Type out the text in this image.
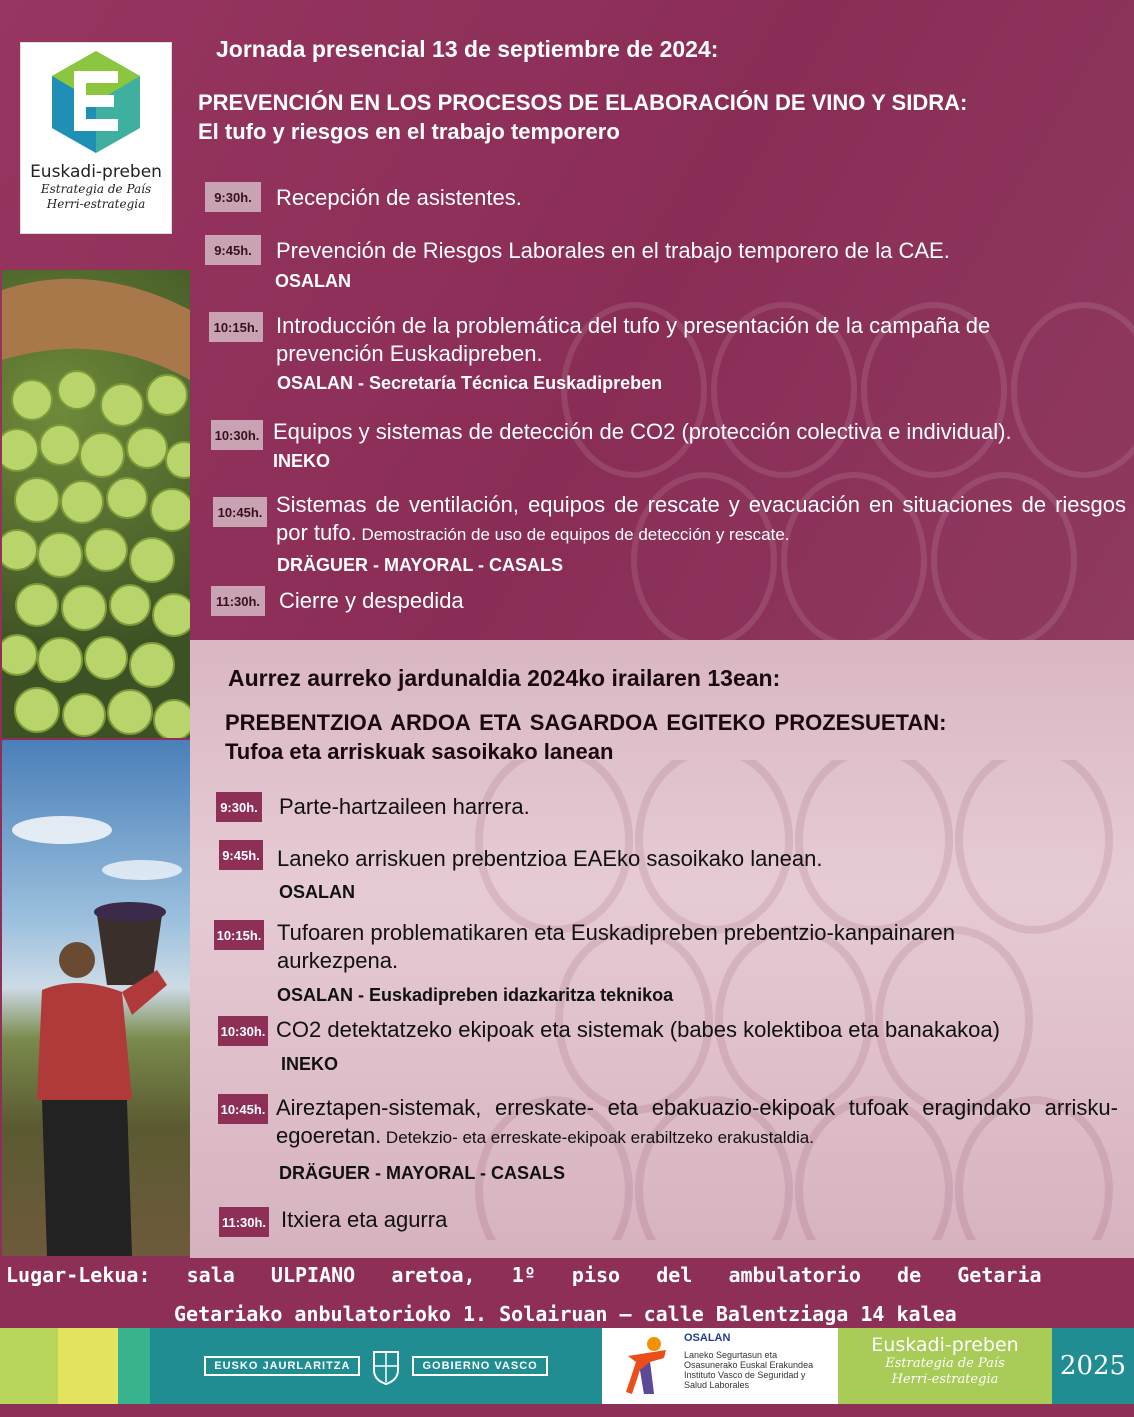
Euskadi-preben
Estrategia de País
Herri-estrategia
Jornada presencial 13 de septiembre de 2024:
PREVENCIÓN EN LOS PROCESOS DE ELABORACIÓN DE VINO Y SIDRA:
El tufo y riesgos en el trabajo temporero
9:30h.	Recepción de asistentes.
9:45h.	Prevención de Riesgos Laborales en el trabajo temporero de la CAE.
OSALAN
10:15h. Introducción de la problemática del tufo y presentación de la campaña de prevención Euskadipreben.
OSALAN - Secretaría Técnica Euskadipreben
10:30h. Equipos y sistemas de detección de CO2 (protección colectiva e individual).
INEKO
10:45h. Sistemas de ventilación, equipos de rescate y evacuación en situaciones de riesgos por tufo. Demostración de uso de equipos de detección y rescate.
DRÄGUER - MAYORAL - CASALS
11:30h. Cierre y despedida
Aurrez aurreko jardunaldia 2024ko irailaren 13ean:
PREBENTZIOA ARDOA ETA SAGARDOA EGITEKO PROZESUETAN:
Tufoa eta arriskuak sasoikako lanean
9:30h. Parte-hartzaileen harrera.
9:45h. Laneko arriskuen prebentzioa EAEko sasoikako lanean.
OSALAN
10:15h. Tufoaren problematikaren eta Euskadipreben prebentzio-kanpainaren aurkezpena.
OSALAN - Euskadipreben idazkaritza teknikoa
10:30h. CO2 detektatzeko ekipoak eta sistemak (babes kolektiboa eta banakakoa)
INEKO
10:45h. Aireztapen-sistemak, erreskate- eta ebakuazio-ekipoak tufoak eragindako arrisku-egoeretan. Detekzio- eta erreskate-ekipoak erabiltzeko erakustaldia.
DRÄGUER - MAYORAL - CASALS
11:30h. Itxiera eta agurra
Lugar-Lekua:   sala   ULPIANO   aretoa,   1º   piso   del   ambulatorio   de   Getaria
Getariako anbulatorioko 1. Solairuan – calle Balentziaga 14 kalea
EUSKO JAURLARITZA	GOBIERNO VASCO
OSALAN
Laneko Segurtasun eta
Osasunerako Euskal Erakundea
Instituto Vasco de Seguridad y
Salud Laborales
Euskadi-preben
Estrategia de País
Herri-estrategia	2025
